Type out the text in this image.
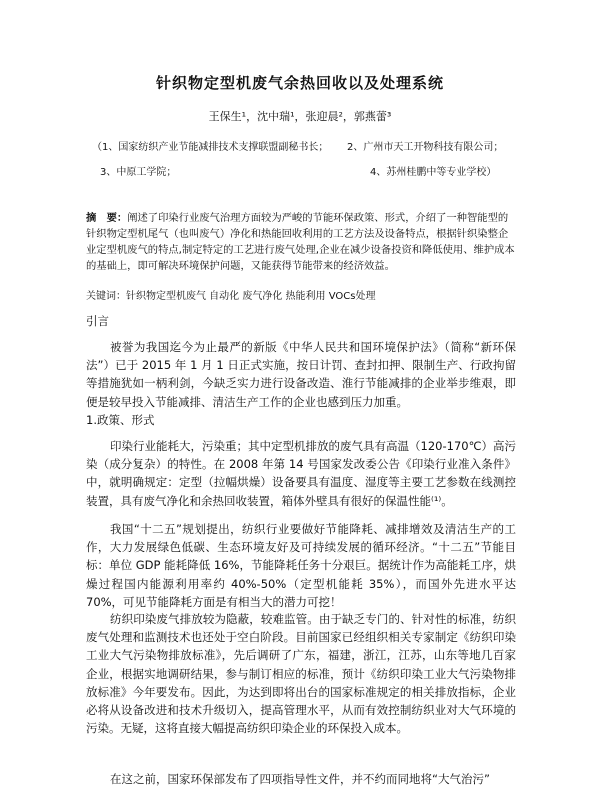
针织物定型机废气余热回收以及处理系统
王保生¹，沈中瑞¹，张迎晨²，郭燕蕾³
（1、国家纺织产业节能减排技术支撑联盟副秘书长； 2、广州市天工开物科技有限公司；
3、中原工学院；	4、苏州桂鹏中等专业学校）
摘　要：阐述了印染行业废气治理方面较为严峻的节能环保政策、形式，介绍了一种智能型的针织物定型机尾气（也叫废气）净化和热能回收利用的工艺方法及设备特点，根据针织染整企业定型机废气的特点,制定特定的工艺进行废气处理,企业在减少设备投资和降低使用、维护成本的基础上，即可解决环境保护问题，又能获得节能带来的经济效益。
关键词：针织物定型机废气 自动化 废气净化 热能利用 VOCs处理
引言
被誉为我国迄今为止最严的新版《中华人民共和国环境保护法》（简称“新环保法”）已于 2015 年 1 月 1 日正式实施，按日计罚、查封扣押、限制生产、行政拘留等措施犹如一柄利剑，今缺乏实力进行设备改造、淮行节能减排的企业举步维艰，即便是较早投入节能减排、清洁生产工作的企业也感到压力加重。
1.政策、形式
印染行业能耗大，污染重；其中定型机排放的废气具有高温（120-170℃）高污染（成分复杂）的特性。在 2008 年第 14 号国家发改委公告《印染行业准入条件》中，就明确规定：定型（拉幅烘燥）设备要具有温度、湿度等主要工艺参数在线测控装置，具有废气净化和余热回收装置，箱体外壁具有很好的保温性能⁽¹⁾。
我国“十二五”规划提出，纺织行业要做好节能降耗、减排增效及清洁生产的工作，大力发展绿色低碳、生态环境友好及可持续发展的循环经济。“十二五”节能目标：单位 GDP 能耗降低 16%，节能降耗任务十分艰巨。据统计作为高能耗工序，烘燥过程国内能源利用率约 40%-50%（定型机能耗 35%），而国外先进水平达 70%，可见节能降耗方面是有相当大的潜力可挖！
纺织印染废气排放较为隐蔽，较难监管。由于缺乏专门的、针对性的标准，纺织废气处理和监测技术也还处于空白阶段。目前国家已经组织相关专家制定《纺织印染工业大气污染物排放标准》，先后调研了广东，福建，浙江，江苏，山东等地几百家企业，根据实地调研结果，参与制订相应的标准，预计《纺织印染工业大气污染物排放标准》今年要发布。因此，为达到即将出台的国家标准规定的相关排放指标，企业必将从设备改进和技术升级切入，提高管理水平，从而有效控制纺织业对大气环境的污染。无疑，这将直接大幅提高纺织印染企业的环保投入成本。
在这之前，国家环保部发布了四项指导性文件，并不约而同地将“大气治污”
